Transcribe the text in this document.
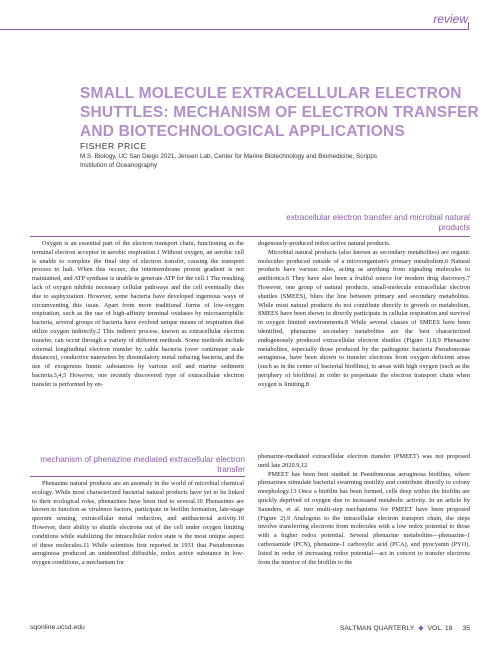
review
SMALL MOLECULE EXTRACELLULAR ELECTRON SHUTTLES: MECHANISM OF ELECTRON TRANSFER AND BIOTECHNOLOGICAL APPLICATIONS
FISHER PRICE
M.S. Biology, UC San Diego 2021, Jensen Lab, Center for Marine Biotechnology and Biomedicine, Scripps Institution of Oceanography
extracellular electron transfer and microbial natural products

Oxygen is an essential part of the electron transport chain, functioning as the terminal electron acceptor in aerobic respiration.1 Without oxygen, an aerobic cell is unable to complete the final step of electron transfer, causing the transport process to halt. When this occurs, the intermembrane proton gradient is not maintained, and ATP synthase is unable to generate ATP for the cell.1 The resulting lack of oxygen inhibits necessary cellular pathways and the cell eventually dies due to asphyxiation. However, some bacteria have developed ingenious ways of circumventing this issue. Apart from more traditional forms of low-oxygen respiration, such as the use of high-affinity terminal oxidases by microaerophilic bacteria, several groups of bacteria have evolved unique means of respiration that utilize oxygen indirectly.2 This indirect process, known as extracellular electron transfer, can occur through a variety of different methods. Some methods include external longitudinal electron transfer by cable bacteria (over centimeter scale distances), conductive nanowires by dissimilatory metal reducing bacteria, and the use of exogenous humic substances by various soil and marine sediment bacteria.3,4,5 However, one recently discovered type of extracellular electron transfer is performed by en-

dogenously-produced redox-active natural products.

Microbial natural products (also known as secondary metabolites) are organic molecules produced outside of a microorganism's primary metabolism.6 Natural products have various roles, acting as anything from signaling molecules to antibiotics.6 They have also been a fruitful source for modern drug discovery.7 However, one group of natural products, small-molecule extracellular electron shuttles (SMEES), blurs the line between primary and secondary metabolites. While most natural products do not contribute directly to growth or metabolism, SMEES have been shown to directly participate in cellular respiration and survival in oxygen limited environments.8 While several classes of SMEES have been identified, phenazine secondary metabolites are the best characterized endogenously produced extracellular electron shuttles (Figure 1).8,9 Phenazine metabolites, especially those produced by the pathogenic bacteria Pseudomonas aeruginosa, have been shown to transfer electrons from oxygen deficient areas (such as in the center of bacterial biofilms), to areas with high oxygen (such as the periphery of biofilms) in order to perpetuate the electron transport chain when oxygen is limiting.8

mechanism of phenazine mediated extracellular electron transfer

Phenazine natural products are an anomaly in the world of microbial chemical ecology. While most characterized bacterial natural products have yet to be linked to their ecological roles, phenazines have been tied to several.10 Phenazines are known to function as virulence factors, participate in biofilm formation, late-stage quorum sensing, extracellular metal reduction, and antibacterial activity.10 However, their ability to shuttle electrons out of the cell under oxygen limiting conditions while stabilizing the intracellular redox state is the most unique aspect of these molecules.11 While scientists first reported in 1931 that Pseudomonas aeruginosa produced an unidentified diffusible, redox active substance in low-oxygen conditions, a mechanism for

phenazine-mediated extracellular electron transfer (PMEET) was not proposed until late 2020.9,12

PMEET has been best studied in Pseudomonas aeruginosa biofilms, where phenazines stimulate bacterial swarming motility and contribute directly to colony morphology.13 Once a biofilm has been formed, cells deep within the biofilm are quickly deprived of oxygen due to increased metabolic activity. In an article by Saunders, et al. two multi-step mechanisms for PMEET have been proposed (Figure 2).9 Analogous to the intracellular electron transport chain, the steps involve transferring electrons from molecules with a low redox potential to those with a higher redox potential. Several phenazine metabolites—phenazine-1 carboxamide (PCN), phenazine-1 carboxylic acid (PCA), and pyocyanin (PYO), listed in order of increasing redox potential—act in concert to transfer electrons from the interior of the biofilm to the

sqonline.ucsd.edu	SALTMAN QUARTERLY ◆ VOL. 18 35
